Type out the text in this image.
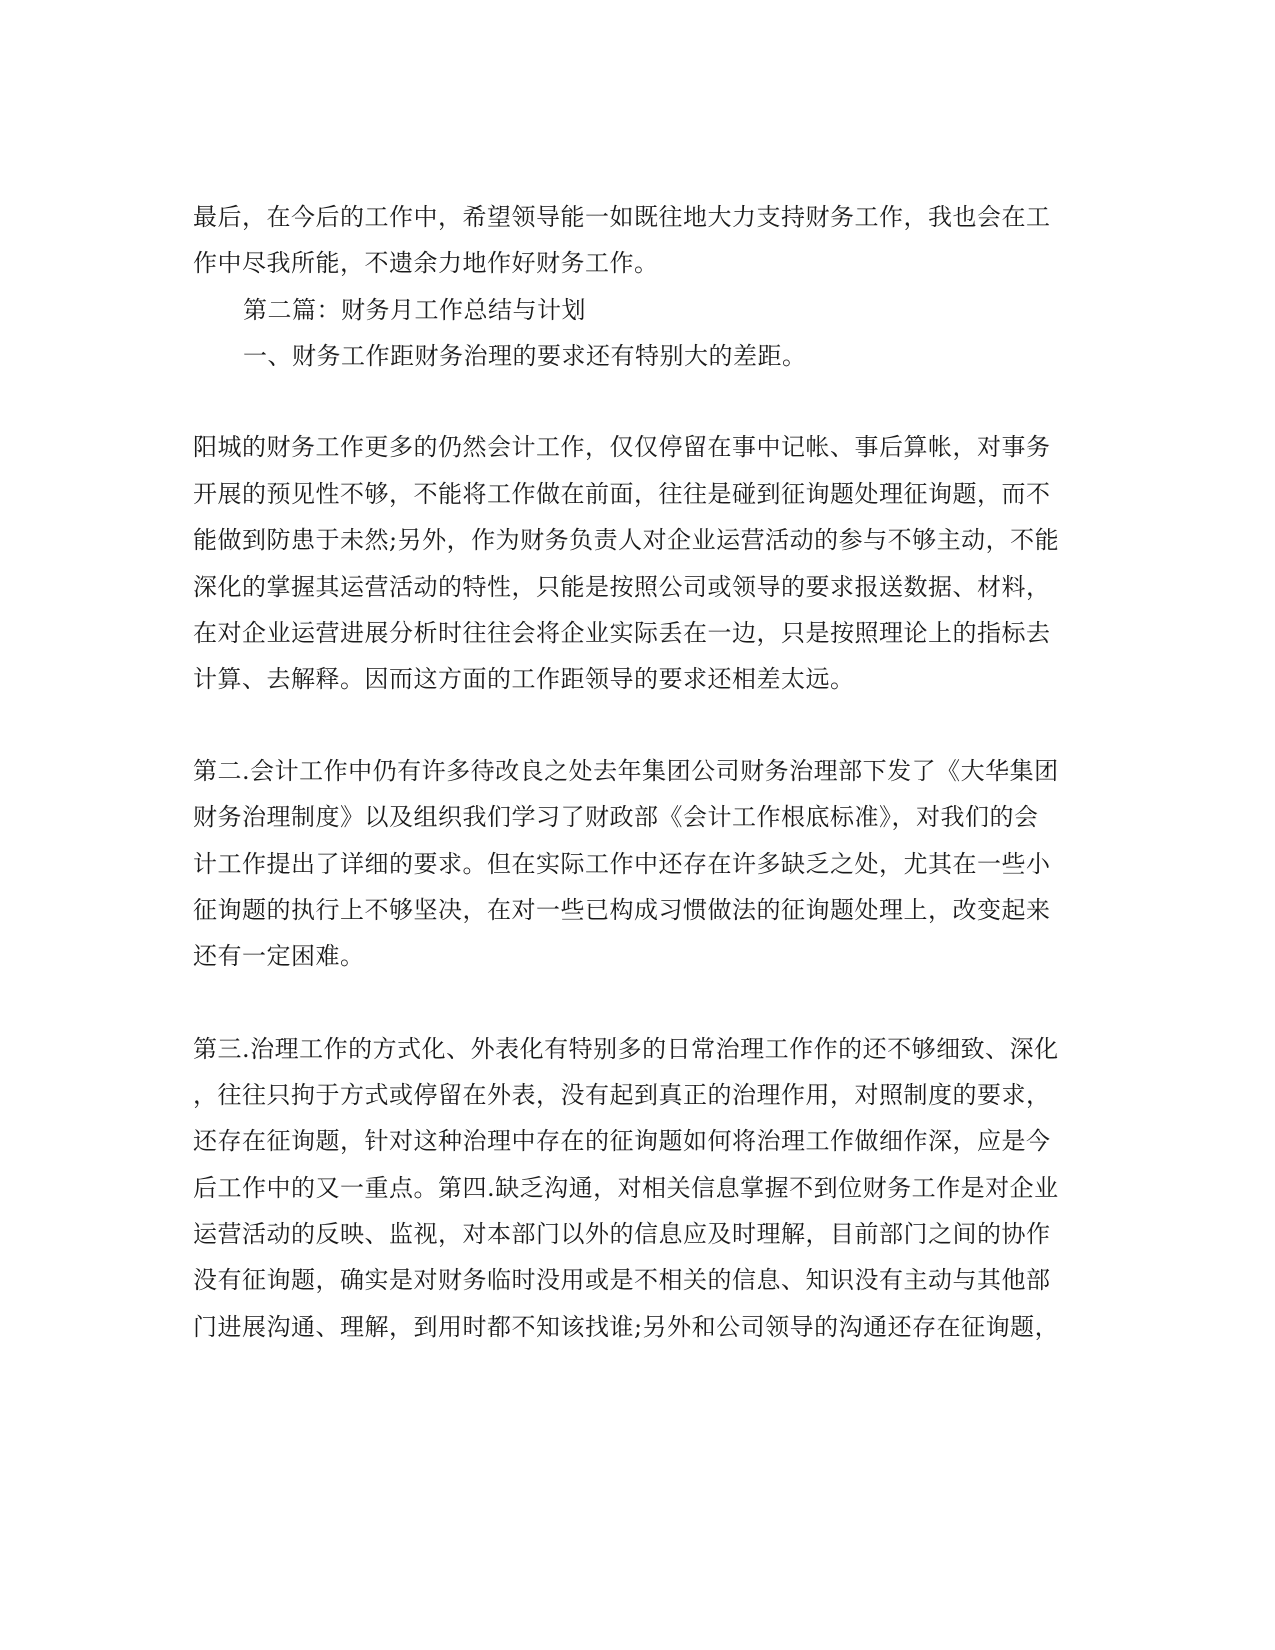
最后，在今后的工作中，希望领导能一如既往地大力支持财务工作，我也会在工
作中尽我所能，不遗余力地作好财务工作。
第二篇：财务月工作总结与计划
一、财务工作距财务治理的要求还有特别大的差距。
阳城的财务工作更多的仍然会计工作，仅仅停留在事中记帐、事后算帐，对事务
开展的预见性不够，不能将工作做在前面，往往是碰到征询题处理征询题，而不
能做到防患于未然;另外，作为财务负责人对企业运营活动的参与不够主动，不能
深化的掌握其运营活动的特性，只能是按照公司或领导的要求报送数据、材料，
在对企业运营进展分析时往往会将企业实际丢在一边，只是按照理论上的指标去
计算、去解释。因而这方面的工作距领导的要求还相差太远。
第二.会计工作中仍有许多待改良之处去年集团公司财务治理部下发了《大华集团
财务治理制度》以及组织我们学习了财政部《会计工作根底标准》，对我们的会
计工作提出了详细的要求。但在实际工作中还存在许多缺乏之处，尤其在一些小
征询题的执行上不够坚决，在对一些已构成习惯做法的征询题处理上，改变起来
还有一定困难。
第三.治理工作的方式化、外表化有特别多的日常治理工作作的还不够细致、深化
，往往只拘于方式或停留在外表，没有起到真正的治理作用，对照制度的要求，
还存在征询题，针对这种治理中存在的征询题如何将治理工作做细作深，应是今
后工作中的又一重点。第四.缺乏沟通，对相关信息掌握不到位财务工作是对企业
运营活动的反映、监视，对本部门以外的信息应及时理解，目前部门之间的协作
没有征询题，确实是对财务临时没用或是不相关的信息、知识没有主动与其他部
门进展沟通、理解，到用时都不知该找谁;另外和公司领导的沟通还存在征询题，
